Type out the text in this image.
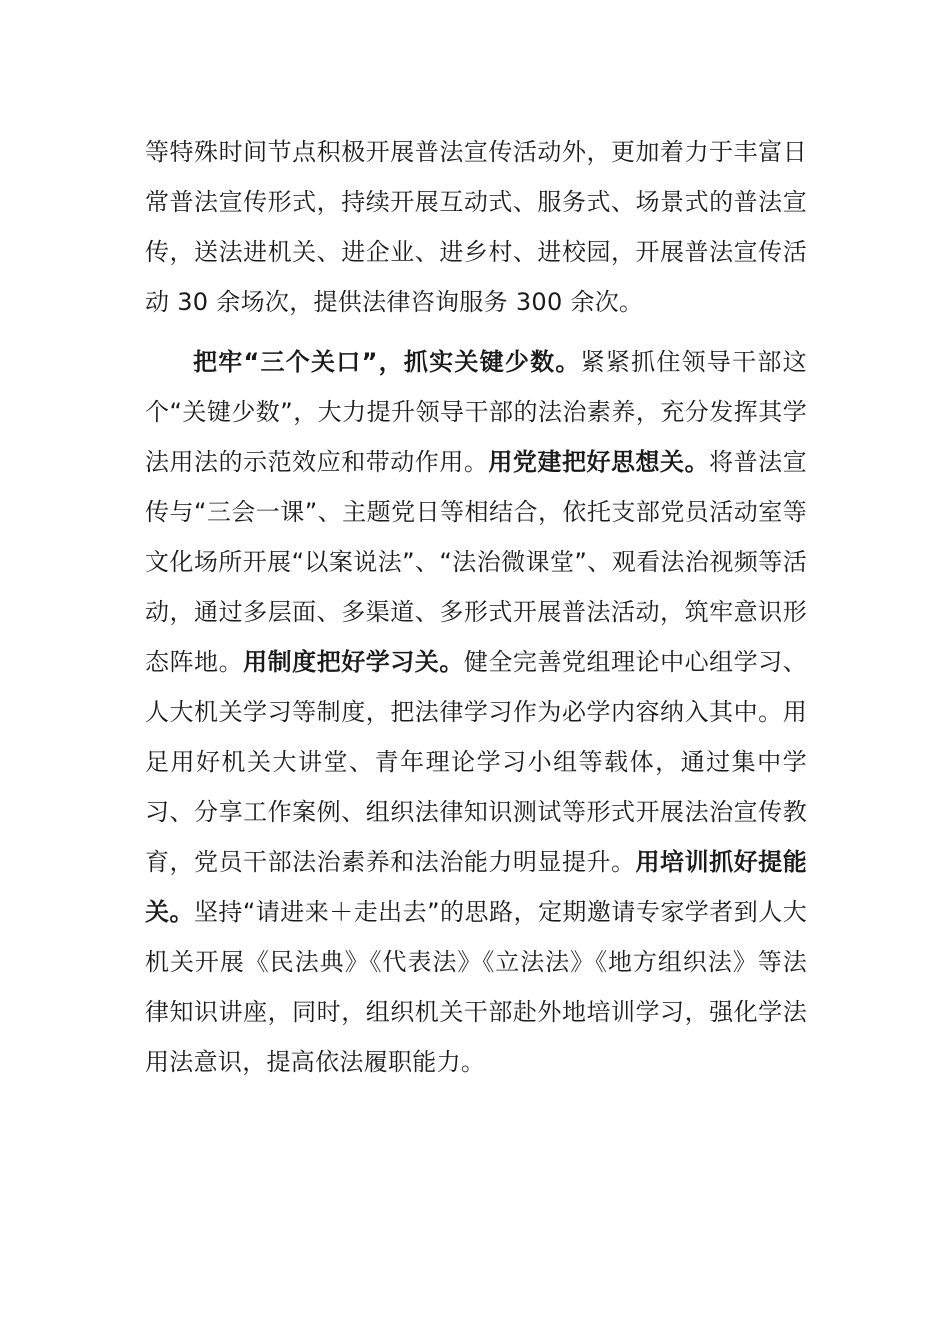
等特殊时间节点积极开展普法宣传活动外，更加着力于丰富日常普法宣传形式，持续开展互动式、服务式、场景式的普法宣传，送法进机关、进企业、进乡村、进校园，开展普法宣传活动 30 余场次，提供法律咨询服务 300 余次。

把牢“三个关口”，抓实关键少数。紧紧抓住领导干部这个“关键少数”，大力提升领导干部的法治素养，充分发挥其学法用法的示范效应和带动作用。用党建把好思想关。将普法宣传与“三会一课”、主题党日等相结合，依托支部党员活动室等文化场所开展“以案说法”、“法治微课堂”、观看法治视频等活动，通过多层面、多渠道、多形式开展普法活动，筑牢意识形态阵地。用制度把好学习关。健全完善党组理论中心组学习、人大机关学习等制度，把法律学习作为必学内容纳入其中。用足用好机关大讲堂、青年理论学习小组等载体，通过集中学习、分享工作案例、组织法律知识测试等形式开展法治宣传教育，党员干部法治素养和法治能力明显提升。用培训抓好提能关。坚持“请进来＋走出去”的思路，定期邀请专家学者到人大机关开展《民法典》《代表法》《立法法》《地方组织法》等法律知识讲座，同时，组织机关干部赴外地培训学习，强化学法用法意识，提高依法履职能力。
